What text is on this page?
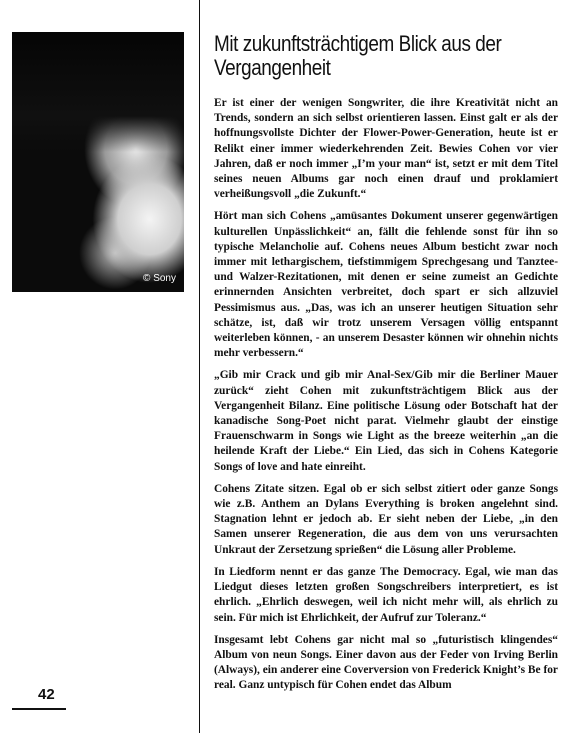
© Sony
42
Mit zukunftsträchtigem Blick aus der Vergangenheit

Er ist einer der wenigen Songwriter, die ihre Kreativität nicht an Trends, sondern an sich selbst orientieren lassen. Einst galt er als der hoffnungsvollste Dichter der Flower-Power-Generation, heute ist er Relikt einer immer wiederkehrenden Zeit. Bewies Cohen vor vier Jahren, daß er noch immer „I’m your man“ ist, setzt er mit dem Titel seines neuen Albums gar noch einen drauf und proklamiert verheißungsvoll „die Zukunft.“

Hört man sich Cohens „amüsantes Dokument unserer gegenwärtigen kulturellen Unpässlichkeit“ an, fällt die fehlende sonst für ihn so typische Melancholie auf. Cohens neues Album besticht zwar noch immer mit lethargischem, tiefstimmigem Sprechgesang und Tanztee- und Walzer-Rezitationen, mit denen er seine zumeist an Gedichte erinnernden Ansichten verbreitet, doch spart er sich allzuviel Pessimismus aus. „Das, was ich an unserer heutigen Situation sehr schätze, ist, daß wir trotz unserem Versagen völlig entspannt weiterleben können, - an unserem Desaster können wir ohnehin nichts mehr verbessern.“

„Gib mir Crack und gib mir Anal-Sex/Gib mir die Berliner Mauer zurück“ zieht Cohen mit zukunftsträchtigem Blick aus der Vergangenheit Bilanz. Eine politische Lösung oder Botschaft hat der kanadische Song-Poet nicht parat. Vielmehr glaubt der einstige Frauenschwarm in Songs wie Light as the breeze weiterhin „an die heilende Kraft der Liebe.“ Ein Lied, das sich in Cohens Kategorie Songs of love and hate einreiht.

Cohens Zitate sitzen. Egal ob er sich selbst zitiert oder ganze Songs wie z.B. Anthem an Dylans Everything is broken angelehnt sind. Stagnation lehnt er jedoch ab. Er sieht neben der Liebe, „in den Samen unserer Regeneration, die aus dem von uns verursachten Unkraut der Zersetzung sprießen“ die Lösung aller Probleme.

In Liedform nennt er das ganze The Democracy. Egal, wie man das Liedgut dieses letzten großen Songschreibers interpretiert, es ist ehrlich. „Ehrlich deswegen, weil ich nicht mehr will, als ehrlich zu sein. Für mich ist Ehrlichkeit, der Aufruf zur Toleranz.“

Insgesamt lebt Cohens gar nicht mal so „futuristisch klingendes“ Album von neun Songs. Einer davon aus der Feder von Irving Berlin (Always), ein anderer eine Coverversion von Frederick Knight’s Be for real. Ganz untypisch für Cohen endet das Album
